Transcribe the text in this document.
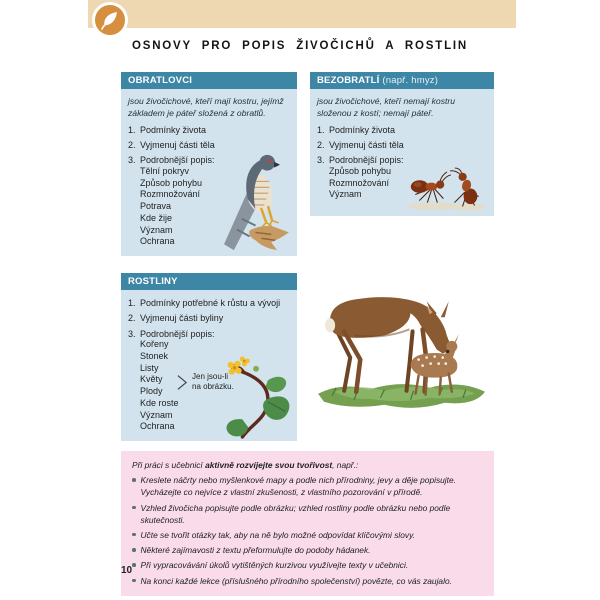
OSNOVY PRO POPIS ŽIVOČICHŮ A ROSTLIN
OBRATLOVCI

jsou živočichové, kteří mají kostru, jejímž základem je páteř složená z obratlů.

1. Podmínky života
2. Vyjmenuj části těla
3. Podrobnější popis:
Tělní pokryv
Způsob pohybu
Rozmnožování
Potrava
Kde žije
Význam
Ochrana
BEZOBRATLÍ (např. hmyz)

jsou živočichové, kteří nemají kostru složenou z kostí; nemají páteř.

1. Podmínky života
2. Vyjmenuj části těla
3. Podrobnější popis:
Způsob pohybu
Rozmnožování
Význam
ROSTLINY
1. Podmínky potřebné k růstu a vývoji
2. Vyjmenuj části byliny
3. Podrobnější popis:
Kořeny
Stonek
Listy
Květy
Plody
Kde roste
Význam
Ochrana
Jen jsou-li
na obrázku.

Při práci s učebnicí aktivně rozvíjejte svou tvořivost, např.:

Kreslete náčrty nebo myšlenkové mapy a podle nich přírodniny, jevy a děje popisujte. Vycházejte co nejvíce z vlastní zkušenosti, z vlastního pozorování v přírodě.
Vzhled živočicha popisujte podle obrázku; vzhled rostliny podle obrázku nebo podle skutečnosti.
Učte se tvořit otázky tak, aby na ně bylo možné odpovídat klíčovými slovy.
Některé zajímavosti z textu přeformulujte do podoby hádanek.
Při vypracovávání úkolů vytištěných kurzivou využívejte texty v učebnici.
Na konci každé lekce (příslušného přírodního společenství) povězte, co vás zaujalo.
10
